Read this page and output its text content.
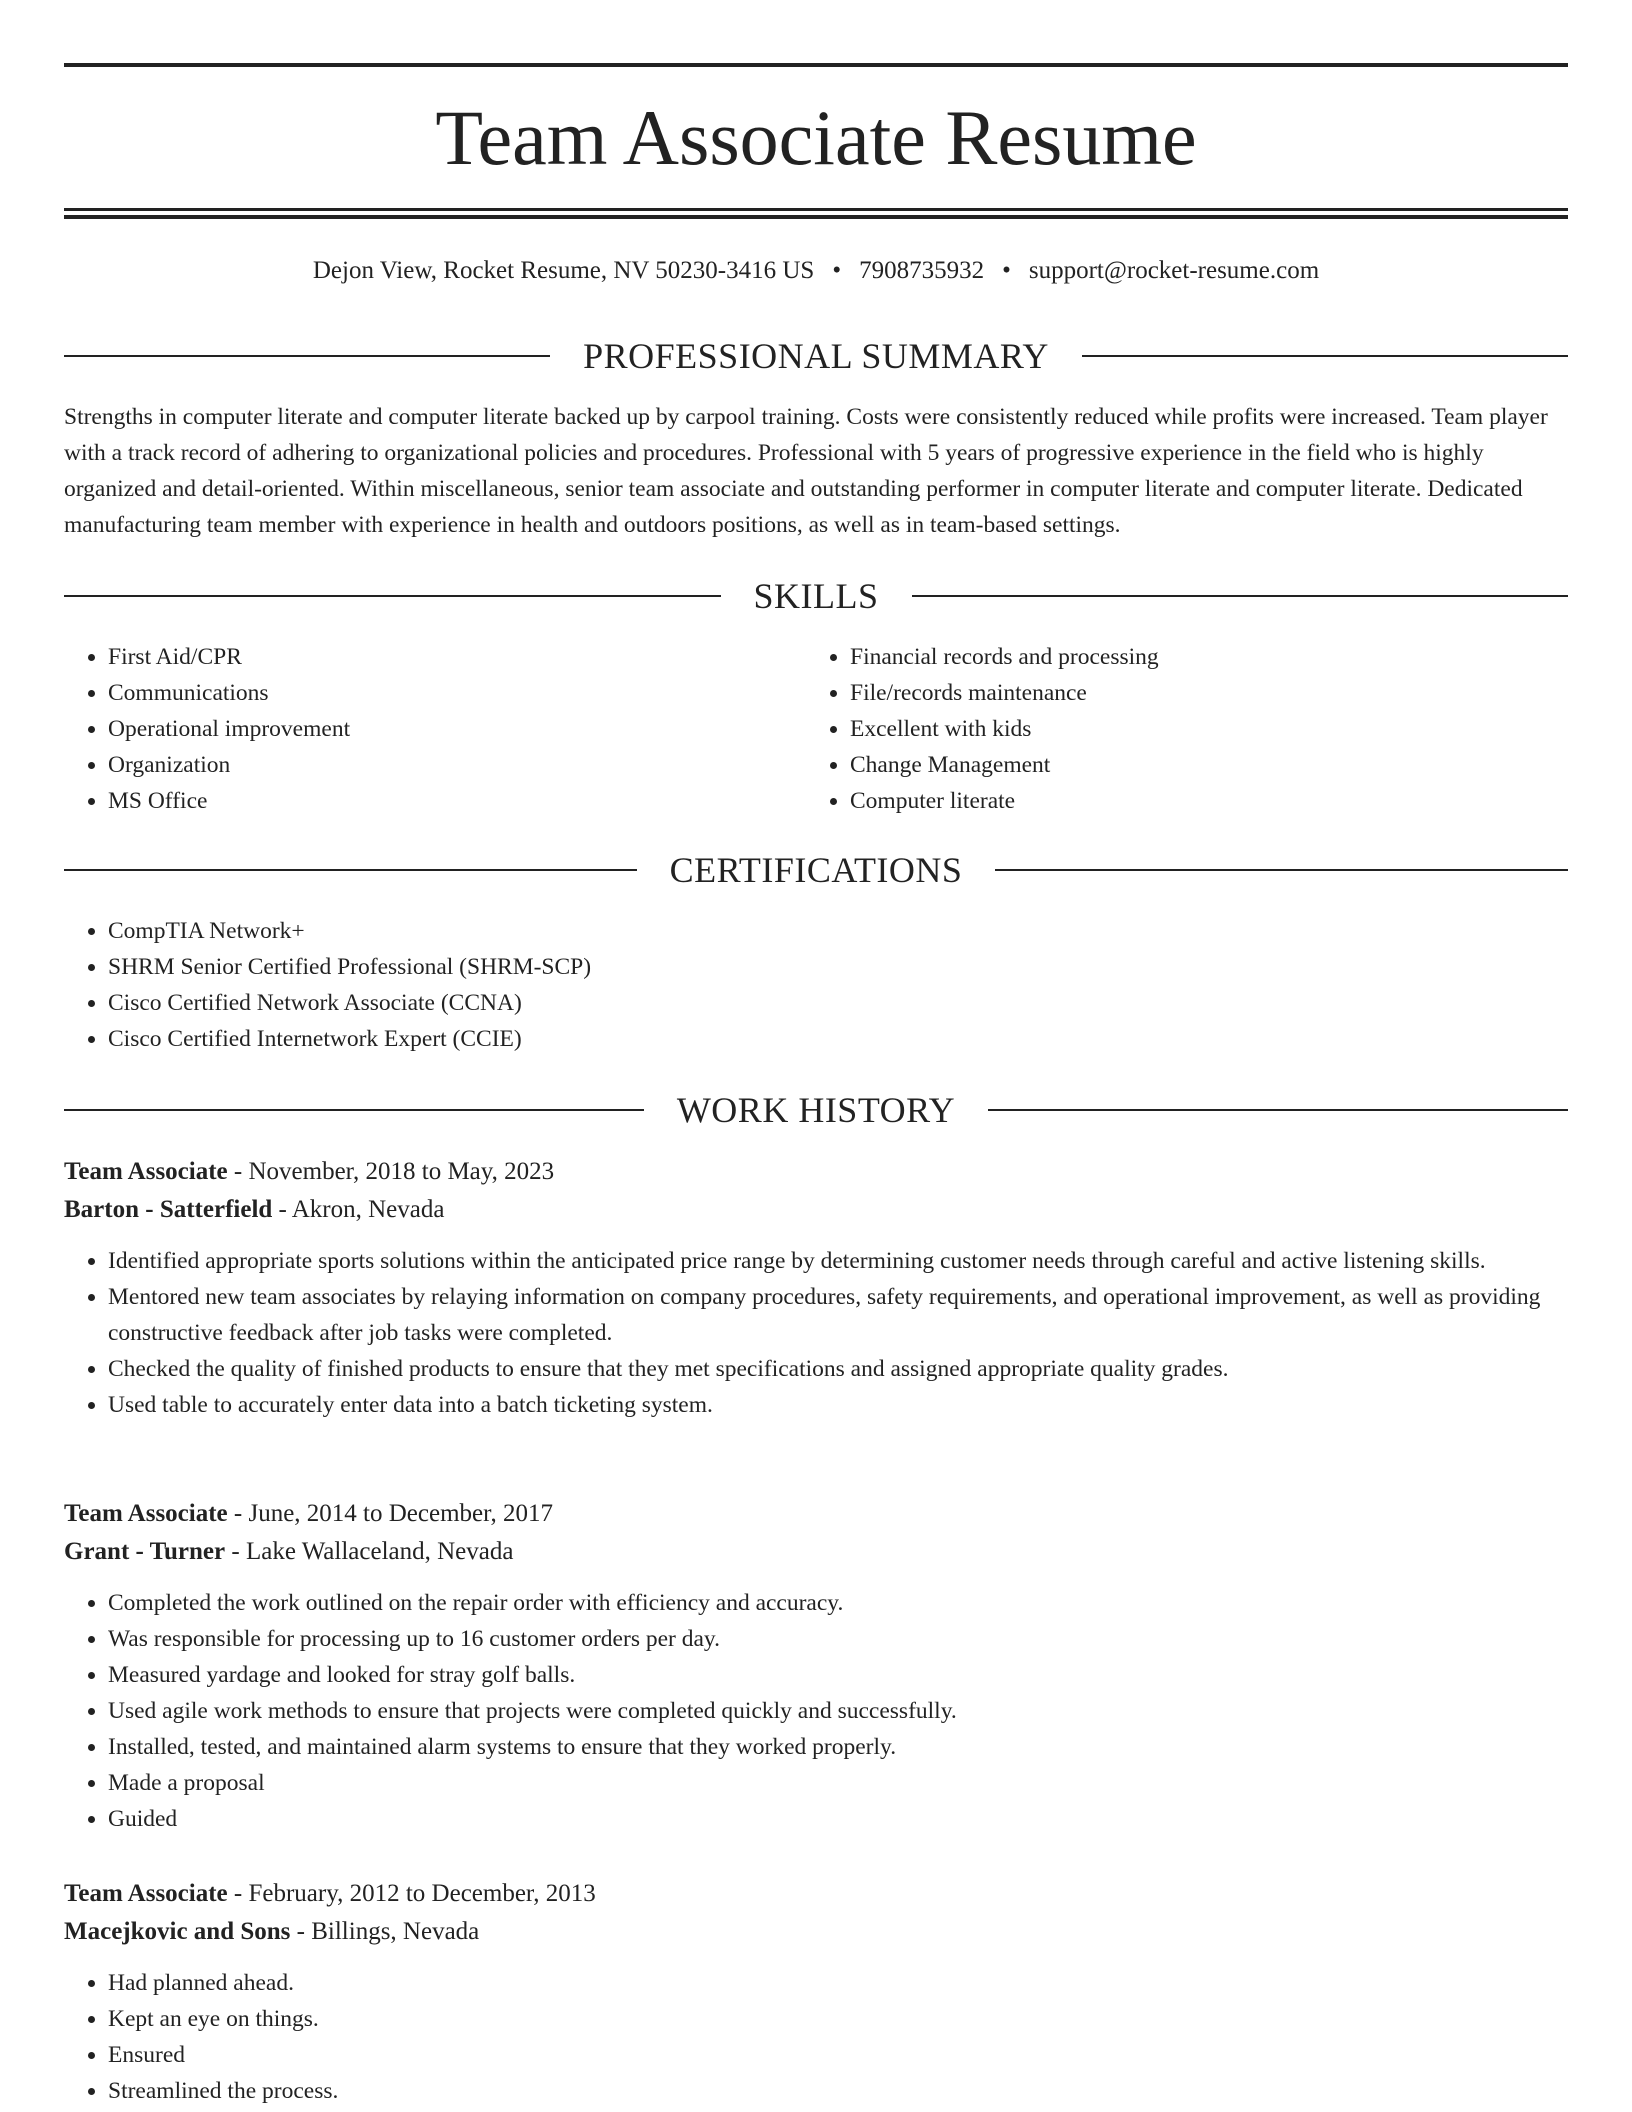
Team Associate Resume
Dejon View, Rocket Resume, NV 50230-3416 US • 7908735932 • support@rocket-resume.com
PROFESSIONAL SUMMARY
Strengths in computer literate and computer literate backed up by carpool training. Costs were consistently reduced while profits were increased. Team player with a track record of adhering to organizational policies and procedures. Professional with 5 years of progressive experience in the field who is highly organized and detail-oriented. Within miscellaneous, senior team associate and outstanding performer in computer literate and computer literate. Dedicated manufacturing team member with experience in health and outdoors positions, as well as in team-based settings.
SKILLS
• First Aid/CPR
• Communications
• Operational improvement
• Organization
• MS Office
• Financial records and processing
• File/records maintenance
• Excellent with kids
• Change Management
• Computer literate
CERTIFICATIONS
• CompTIA Network+
• SHRM Senior Certified Professional (SHRM-SCP)
• Cisco Certified Network Associate (CCNA)
• Cisco Certified Internetwork Expert (CCIE)
WORK HISTORY
Team Associate - November, 2018 to May, 2023
Barton - Satterfield - Akron, Nevada
• Identified appropriate sports solutions within the anticipated price range by determining customer needs through careful and active listening skills.
• Mentored new team associates by relaying information on company procedures, safety requirements, and operational improvement, as well as providing constructive feedback after job tasks were completed.
• Checked the quality of finished products to ensure that they met specifications and assigned appropriate quality grades.
• Used table to accurately enter data into a batch ticketing system.
Team Associate - June, 2014 to December, 2017
Grant - Turner - Lake Wallaceland, Nevada
• Completed the work outlined on the repair order with efficiency and accuracy.
• Was responsible for processing up to 16 customer orders per day.
• Measured yardage and looked for stray golf balls.
• Used agile work methods to ensure that projects were completed quickly and successfully.
• Installed, tested, and maintained alarm systems to ensure that they worked properly.
• Made a proposal
• Guided
Team Associate - February, 2012 to December, 2013
Macejkovic and Sons - Billings, Nevada
• Had planned ahead.
• Kept an eye on things.
• Ensured
• Streamlined the process.
